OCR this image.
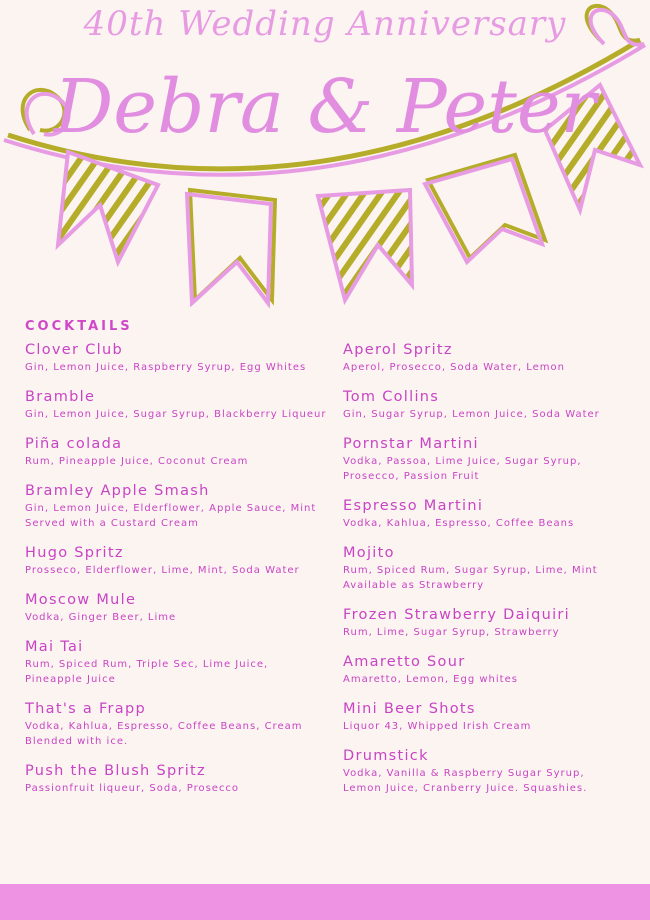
40th Wedding Anniversary
Debra & Peter
COCKTAILS
Clover Club
Gin, Lemon Juice, Raspberry Syrup, Egg Whites
Bramble
Gin, Lemon Juice, Sugar Syrup, Blackberry Liqueur
Piña colada
Rum, Pineapple Juice, Coconut Cream
Bramley Apple Smash
Gin, Lemon Juice, Elderflower, Apple Sauce, Mint
Served with a Custard Cream
Hugo Spritz
Prosseco, Elderflower, Lime, Mint, Soda Water
Moscow Mule
Vodka, Ginger Beer, Lime
Mai Tai
Rum, Spiced Rum, Triple Sec, Lime Juice,
Pineapple Juice
That's a Frapp
Vodka, Kahlua, Espresso, Coffee Beans, Cream
Blended with ice.
Push the Blush Spritz
Passionfruit liqueur, Soda, Prosecco
Aperol Spritz
Aperol, Prosecco, Soda Water, Lemon
Tom Collins
Gin, Sugar Syrup, Lemon Juice, Soda Water
Pornstar Martini
Vodka, Passoa, Lime Juice, Sugar Syrup,
Prosecco, Passion Fruit
Espresso Martini
Vodka, Kahlua, Espresso, Coffee Beans
Mojito
Rum, Spiced Rum, Sugar Syrup, Lime, Mint
Available as Strawberry
Frozen Strawberry Daiquiri
Rum, Lime, Sugar Syrup, Strawberry
Amaretto Sour
Amaretto, Lemon, Egg whites
Mini Beer Shots
Liquor 43, Whipped Irish Cream
Drumstick
Vodka, Vanilla & Raspberry Sugar Syrup,
Lemon Juice, Cranberry Juice. Squashies.
